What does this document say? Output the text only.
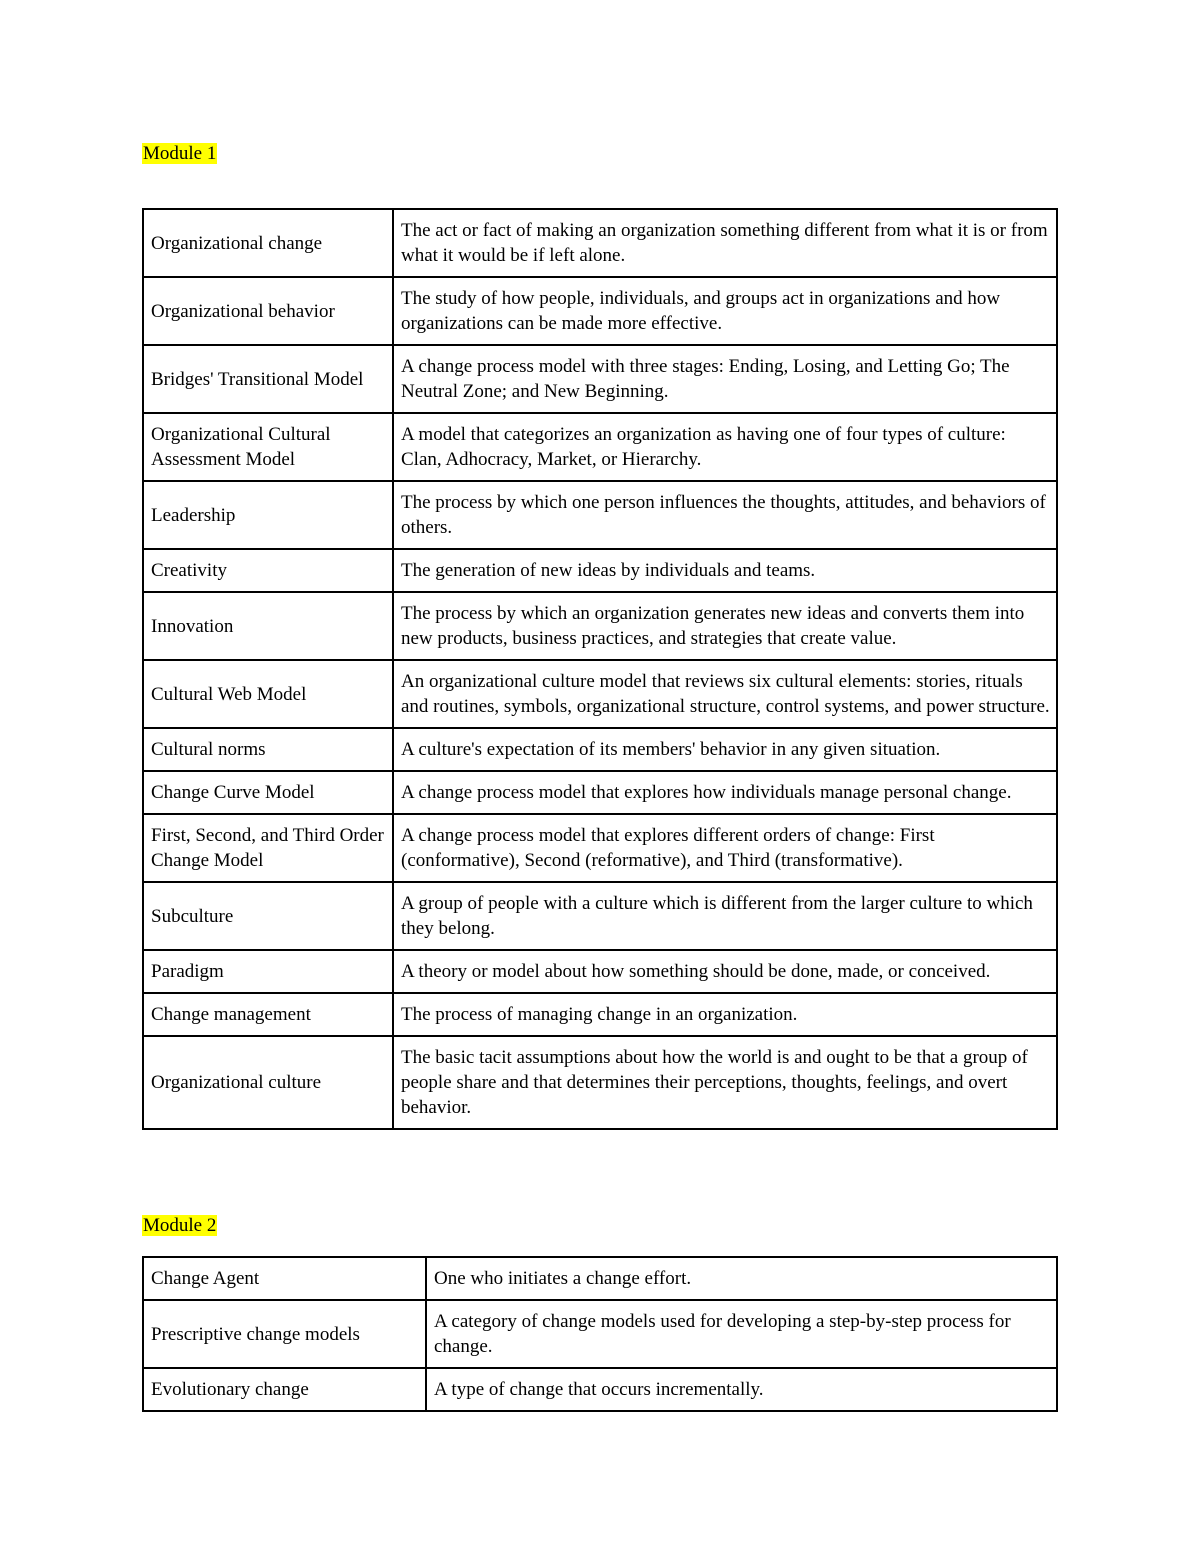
Module 1
Organizational change	The act or fact of making an organization something different from what it is or from what it would be if left alone.
Organizational behavior	The study of how people, individuals, and groups act in organizations and how organizations can be made more effective.
Bridges' Transitional Model	A change process model with three stages: Ending, Losing, and Letting Go; The Neutral Zone; and New Beginning.
Organizational Cultural Assessment Model	A model that categorizes an organization as having one of four types of culture: Clan, Adhocracy, Market, or Hierarchy.
Leadership	The process by which one person influences the thoughts, attitudes, and behaviors of others.
Creativity	The generation of new ideas by individuals and teams.
Innovation	The process by which an organization generates new ideas and converts them into new products, business practices, and strategies that create value.
Cultural Web Model	An organizational culture model that reviews six cultural elements: stories, rituals and routines, symbols, organizational structure, control systems, and power structure.
Cultural norms	A culture's expectation of its members' behavior in any given situation.
Change Curve Model	A change process model that explores how individuals manage personal change.
First, Second, and Third Order Change Model	A change process model that explores different orders of change: First (conformative), Second (reformative), and Third (transformative).
Subculture	A group of people with a culture which is different from the larger culture to which they belong.
Paradigm	A theory or model about how something should be done, made, or conceived.
Change management	The process of managing change in an organization.
Organizational culture	The basic tacit assumptions about how the world is and ought to be that a group of people share and that determines their perceptions, thoughts, feelings, and overt behavior.
Module 2
Change Agent	One who initiates a change effort.
Prescriptive change models	A category of change models used for developing a step-by-step process for change.
Evolutionary change	A type of change that occurs incrementally.
